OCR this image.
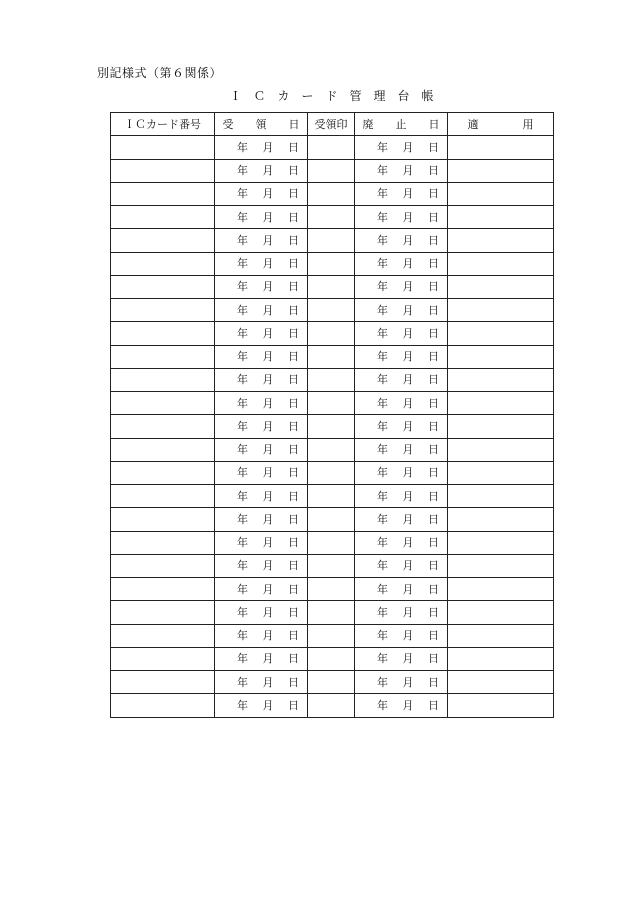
別記様式（第６関係）
Ｉ　Ｃ　カ　ー　ド　管　理　台　帳
ＩＣカード番号	受　　領　　日	受領印	廃　　止　　日	適　　　　用

	年　 月　 日		年　 月　 日	

	年　 月　 日		年　 月　 日	

	年　 月　 日		年　 月　 日	

	年　 月　 日		年　 月　 日	

	年　 月　 日		年　 月　 日	

	年　 月　 日		年　 月　 日	

	年　 月　 日		年　 月　 日	

	年　 月　 日		年　 月　 日	

	年　 月　 日		年　 月　 日	

	年　 月　 日		年　 月　 日	

	年　 月　 日		年　 月　 日	

	年　 月　 日		年　 月　 日	

	年　 月　 日		年　 月　 日	

	年　 月　 日		年　 月　 日	

	年　 月　 日		年　 月　 日	

	年　 月　 日		年　 月　 日	

	年　 月　 日		年　 月　 日	

	年　 月　 日		年　 月　 日	

	年　 月　 日		年　 月　 日	

	年　 月　 日		年　 月　 日	

	年　 月　 日		年　 月　 日	

	年　 月　 日		年　 月　 日	

	年　 月　 日		年　 月　 日	

	年　 月　 日		年　 月　 日	

	年　 月　 日		年　 月　 日	
